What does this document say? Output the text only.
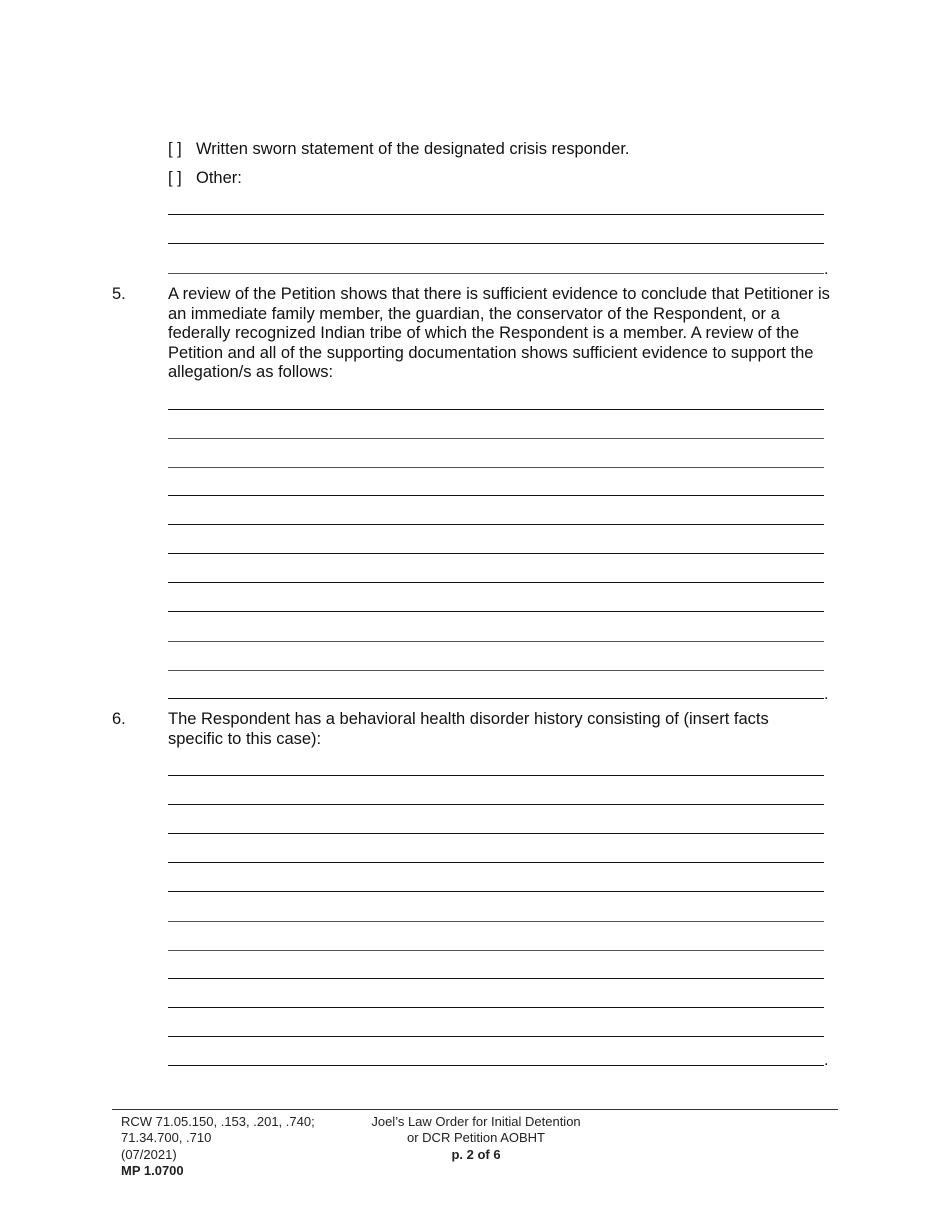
[ ] Written sworn statement of the designated crisis responder.
[ ] Other:
.
5.	A review of the Petition shows that there is sufficient evidence to conclude that Petitioner is an immediate family member, the guardian, the conservator of the Respondent, or a federally recognized Indian tribe of which the Respondent is a member. A review of the Petition and all of the supporting documentation shows sufficient evidence to support the allegation/s as follows:
.
6.	The Respondent has a behavioral health disorder history consisting of (insert facts specific to this case):
.
RCW 71.05.150, .153, .201, .740;
71.34.700, .710
(07/2021)
MP 1.0700
Joel’s Law Order for Initial Detention
or DCR Petition AOBHT
p. 2 of 6
